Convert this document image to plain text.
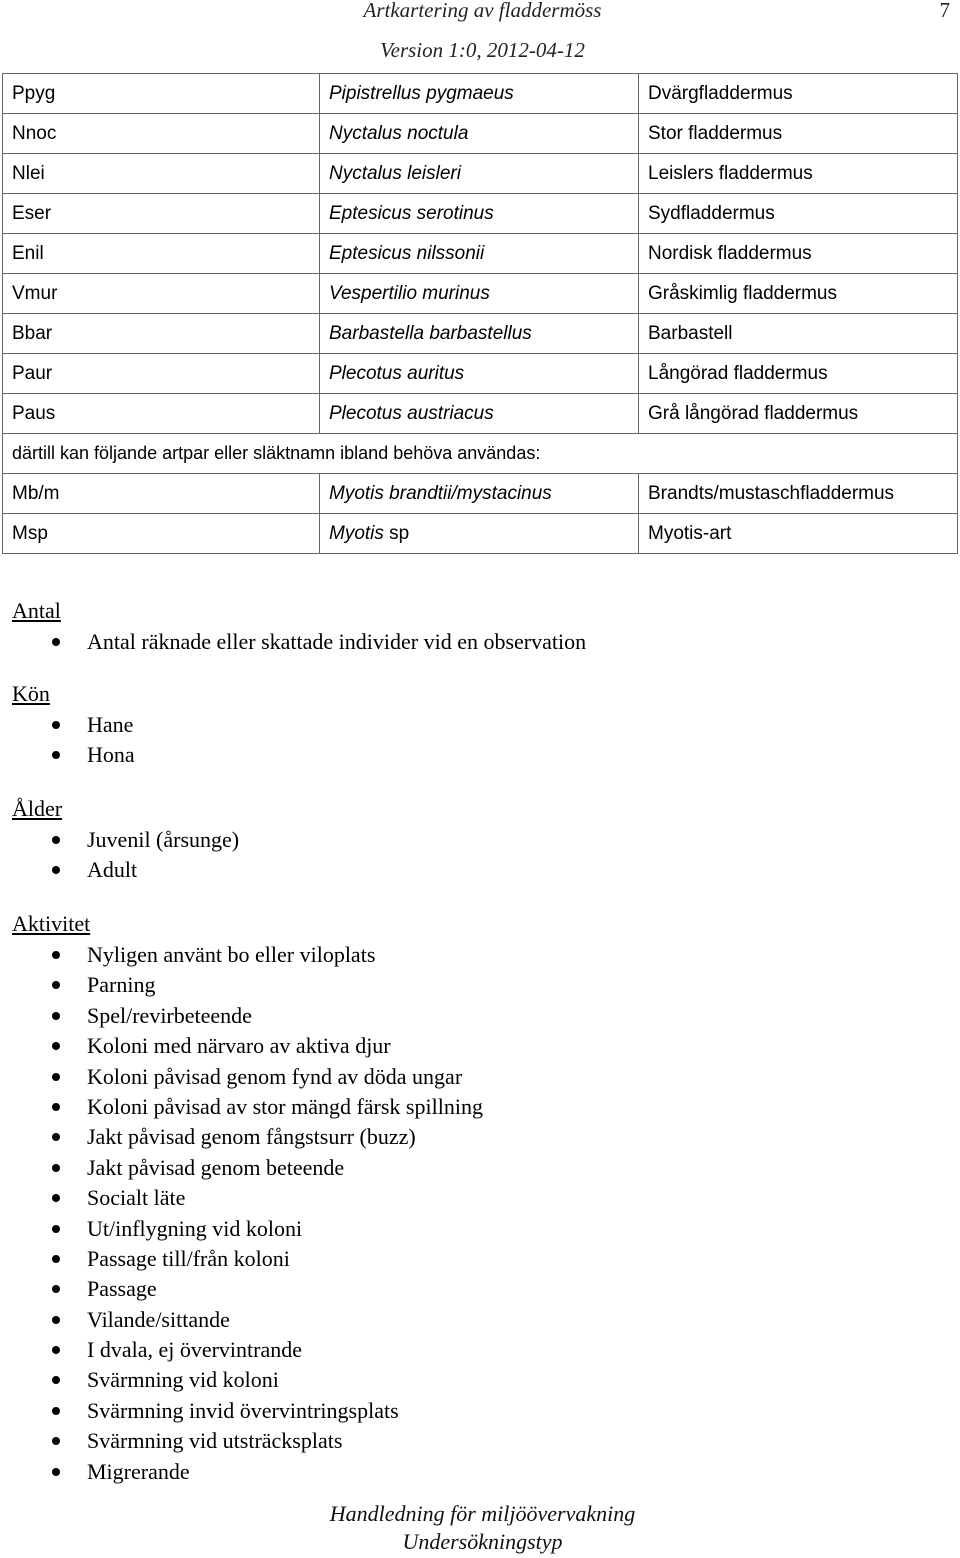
Artkartering av fladdermöss
Version 1:0, 2012-04-12
7
Ppyg	Pipistrellus pygmaeus	Dvärgfladdermus
Nnoc	Nyctalus noctula	Stor fladdermus
Nlei	Nyctalus leisleri	Leislers fladdermus
Eser	Eptesicus serotinus	Sydfladdermus
Enil	Eptesicus nilssonii	Nordisk fladdermus
Vmur	Vespertilio murinus	Gråskimlig fladdermus
Bbar	Barbastella barbastellus	Barbastell
Paur	Plecotus auritus	Långörad fladdermus
Paus	Plecotus austriacus	Grå långörad fladdermus
därtill kan följande artpar eller släktnamn ibland behöva användas:		
Mb/m	Myotis brandtii/mystacinus	Brandts/mustaschfladdermus
Msp	Myotis sp	Myotis-art
Antal
Antal räknade eller skattade individer vid en observation
Kön
Hane
Hona
Ålder
Juvenil (årsunge)
Adult
Aktivitet
Nyligen använt bo eller viloplats
Parning
Spel/revirbeteende
Koloni med närvaro av aktiva djur
Koloni påvisad genom fynd av döda ungar
Koloni påvisad av stor mängd färsk spillning
Jakt påvisad genom fångstsurr (buzz)
Jakt påvisad genom beteende
Socialt läte
Ut/inflygning vid koloni
Passage till/från koloni
Passage
Vilande/sittande
I dvala, ej övervintrande
Svärmning vid koloni
Svärmning invid övervintringsplats
Svärmning vid utsträcksplats
Migrerande
Handledning för miljöövervakning
Undersökningstyp
